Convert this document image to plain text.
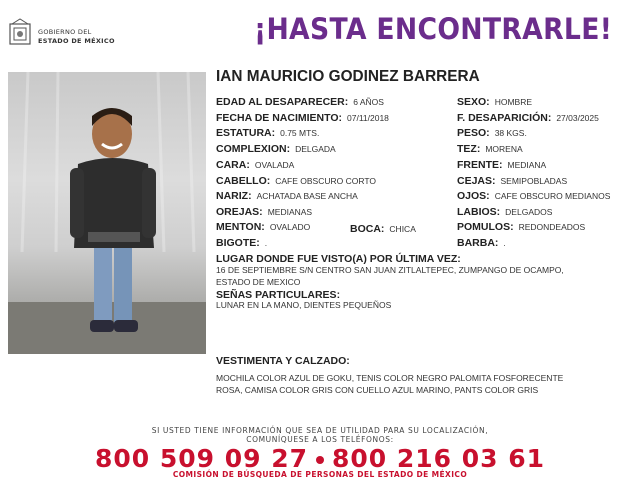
GOBIERNO DEL
ESTADO DE MÉXICO	¡HASTA ENCONTRARLE!
IAN MAURICIO GODINEZ BARRERA
EDAD AL DESAPARECER: 6 AÑOS
FECHA DE NACIMIENTO: 07/11/2018
ESTATURA: 0.75 MTS.
COMPLEXION: DELGADA
CARA: OVALADA
CABELLO: CAFE OBSCURO CORTO
NARIZ: ACHATADA BASE ANCHA
OREJAS: MEDIANAS
MENTON: OVALADO
BIGOTE: .
BOCA: CHICA
SEXO: HOMBRE
F. DESAPARICIÓN: 27/03/2025
PESO: 38 KGS.
TEZ: MORENA
FRENTE: MEDIANA
CEJAS: SEMIPOBLADAS
OJOS: CAFE OBSCURO MEDIANOS
LABIOS: DELGADOS
POMULOS: REDONDEADOS
BARBA: .
LUGAR DONDE FUE VISTO(A) POR ÚLTIMA VEZ:
16 DE SEPTIEMBRE S/N CENTRO SAN JUAN ZITLALTEPEC, ZUMPANGO DE OCAMPO,
ESTADO DE MEXICO
SEÑAS PARTICULARES:
LUNAR EN LA MANO, DIENTES PEQUEÑOS
VESTIMENTA Y CALZADO:
MOCHILA COLOR AZUL DE GOKU, TENIS COLOR NEGRO PALOMITA FOSFORECENTE
ROSA, CAMISA COLOR GRIS CON CUELLO AZUL MARINO, PANTS COLOR GRIS
SI USTED TIENE INFORMACIÓN QUE SEA DE UTILIDAD PARA SU LOCALIZACIÓN,
COMUNÍQUESE A LOS TELÉFONOS:
800 509 09 27 800 216 03 61
COMISIÓN DE BÚSQUEDA DE PERSONAS DEL ESTADO DE MÉXICO
